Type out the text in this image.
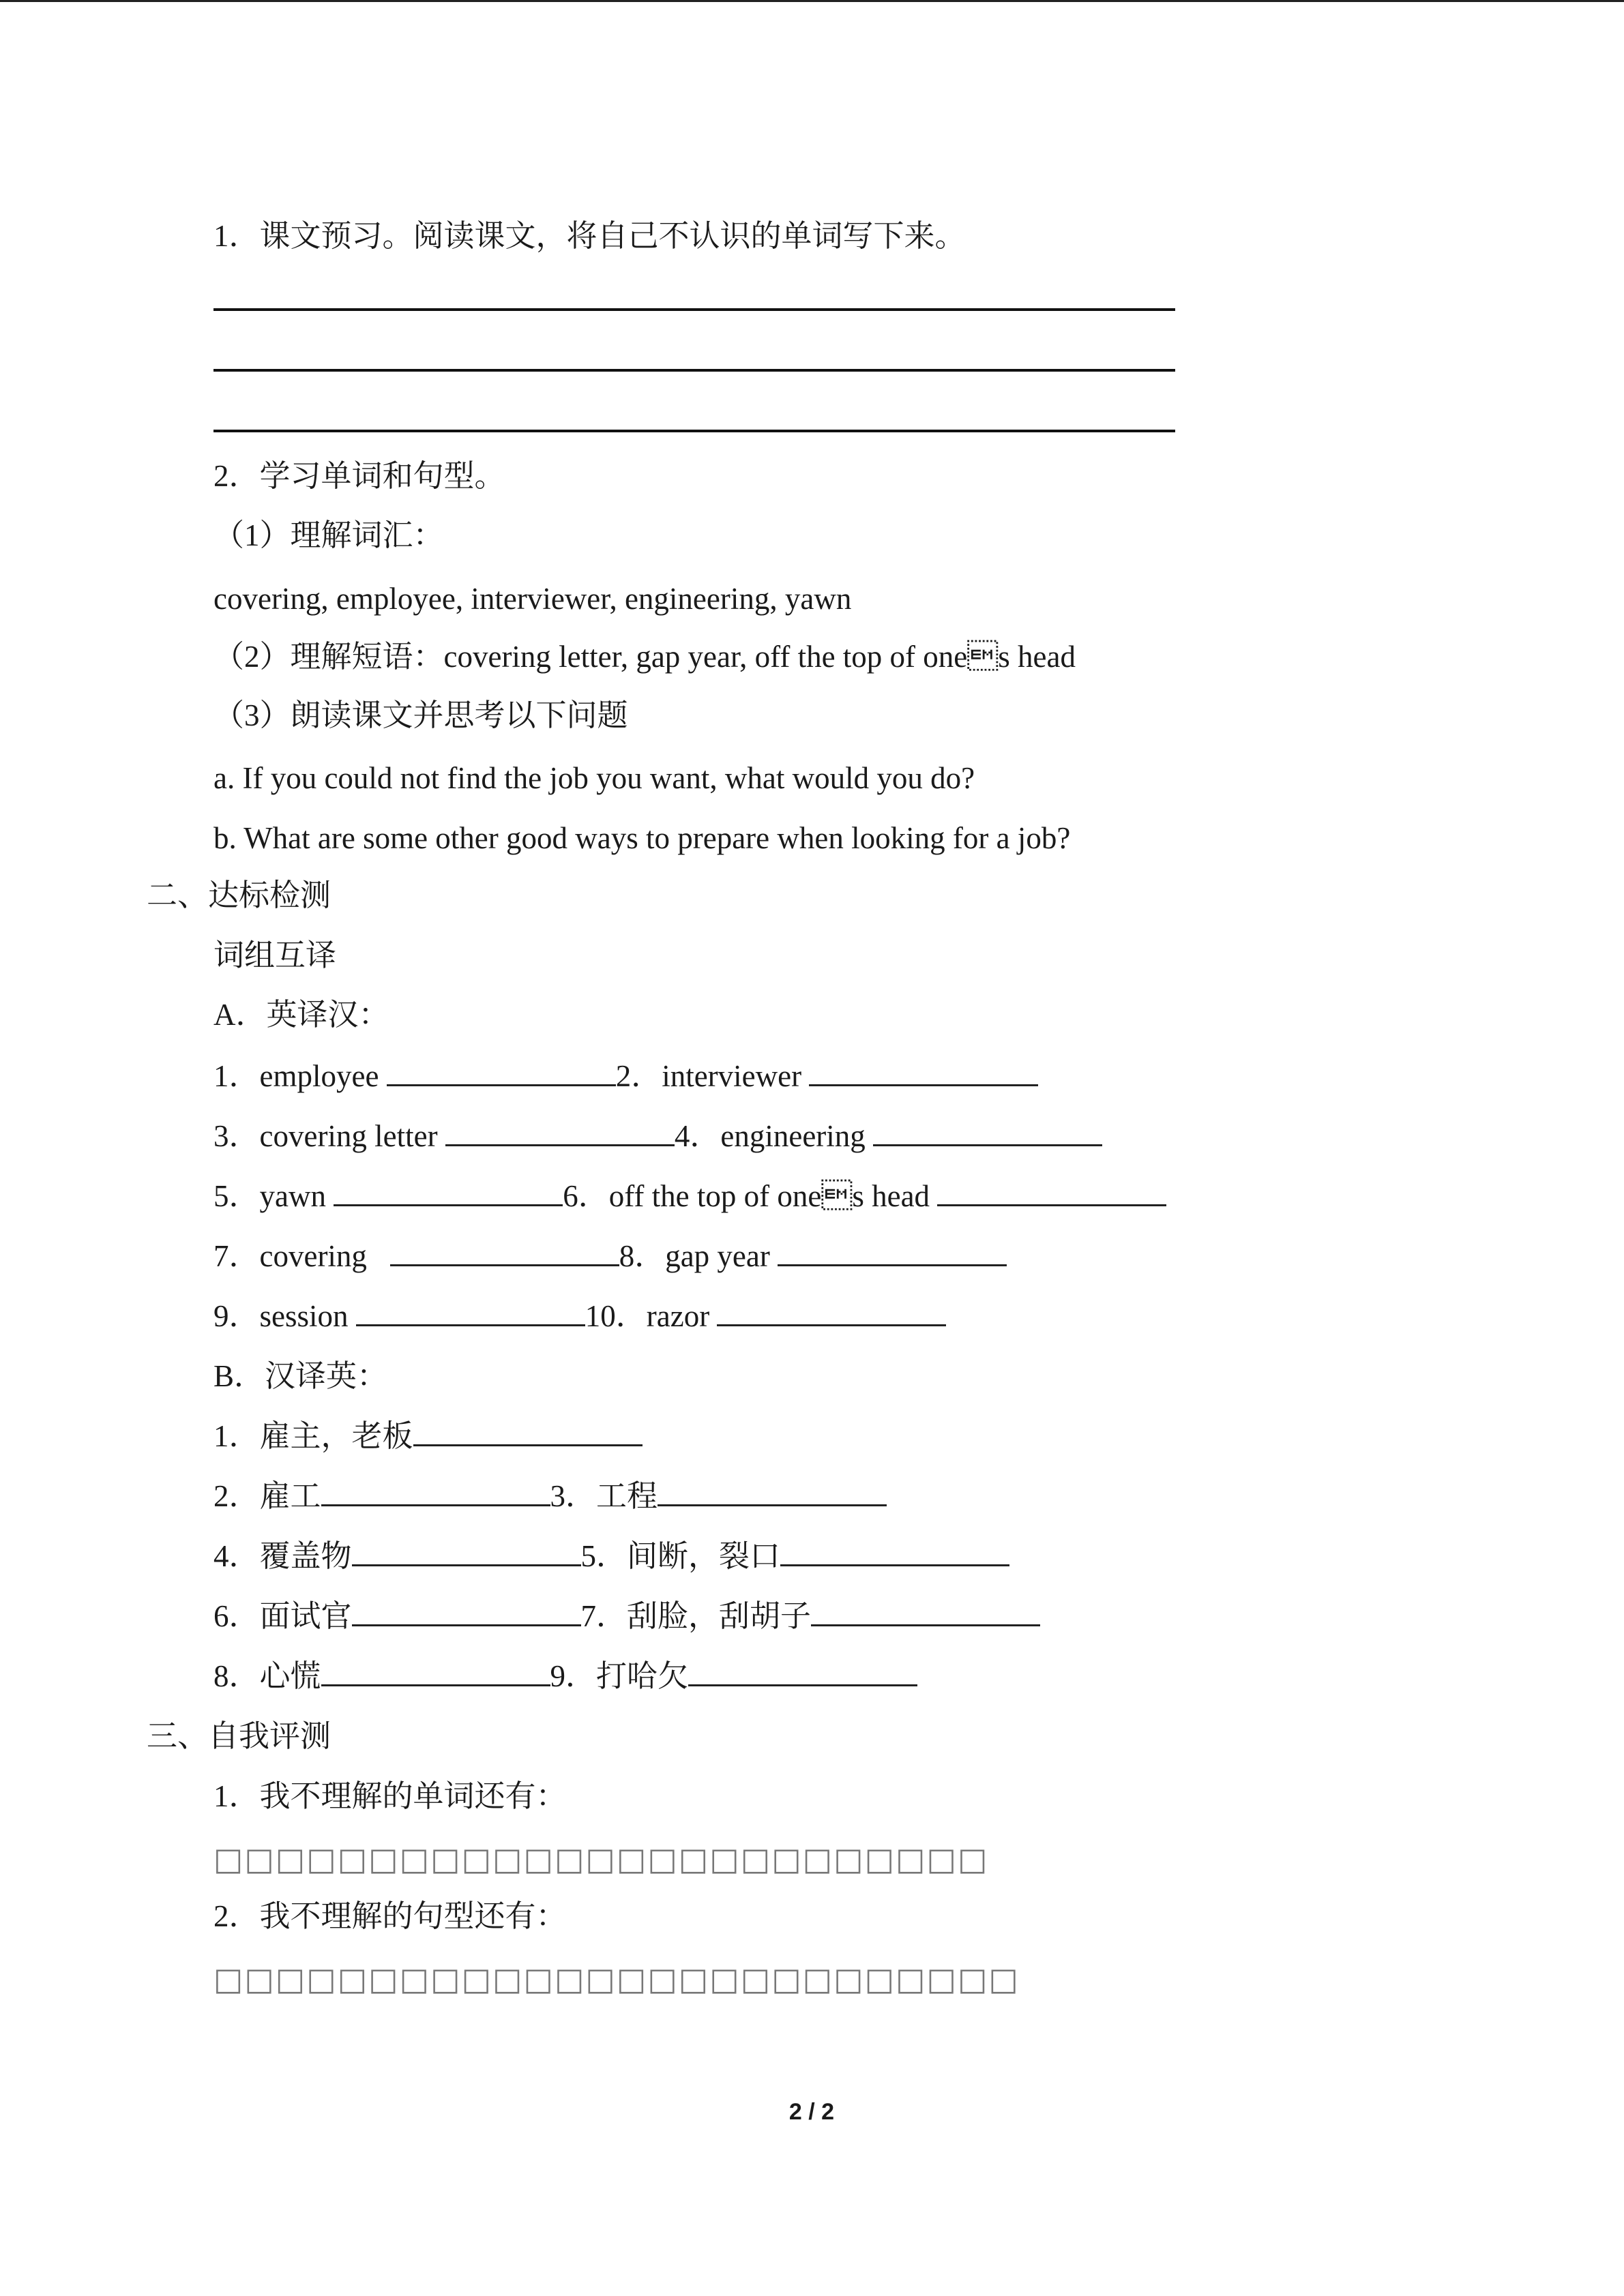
1．课文预习。阅读课文，将自己不认识的单词写下来。
2．学习单词和句型。
（1）理解词汇：
covering, employee, interviewer, engineering, yawn
（2）理解短语：covering letter, gap year, off the top of ones head
（3）朗读课文并思考以下问题
a. If you could not find the job you want, what would you do?
b. What are some other good ways to prepare when looking for a job?
二、达标检测
词组互译
A．英译汉：
1．employee	2．interviewer
3．covering letter	4．engineering
5．yawn	6．off the top of ones head
7．covering	8．gap year
9．session	10．razor
B．汉译英：
1．雇主，老板
2．雇工	3．工程
4．覆盖物	5．间断，裂口
6．面试官	7．刮脸，刮胡子
8．心慌	9．打哈欠
三、自我评测
1．我不理解的单词还有：
□□□□□□□□□□□□□□□□□□□□□□□□□
2．我不理解的句型还有：
□□□□□□□□□□□□□□□□□□□□□□□□□□
2 / 2
